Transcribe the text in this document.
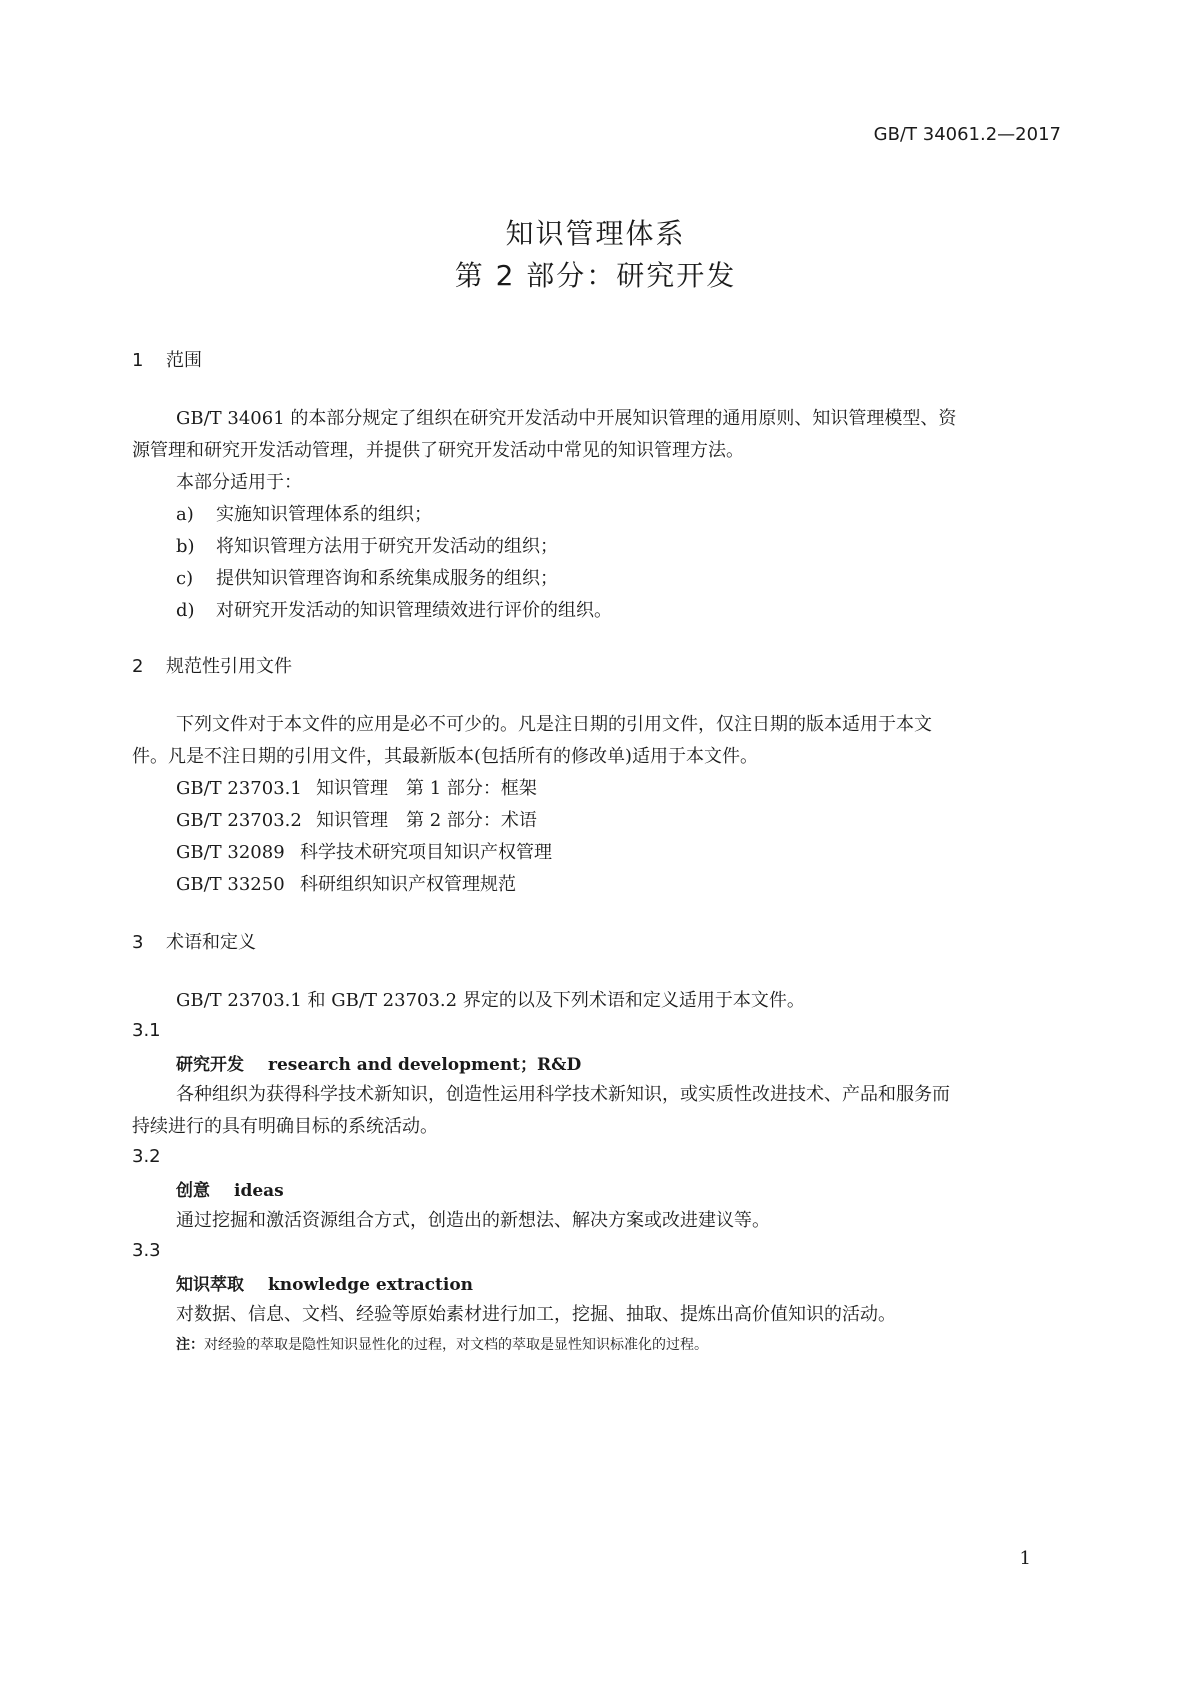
GB/T 34061.2—2017
知识管理体系
第 2 部分：研究开发
1 范围
GB/T 34061 的本部分规定了组织在研究开发活动中开展知识管理的通用原则、知识管理模型、资
源管理和研究开发活动管理，并提供了研究开发活动中常见的知识管理方法。
本部分适用于：
a) 实施知识管理体系的组织；
b) 将知识管理方法用于研究开发活动的组织；
c) 提供知识管理咨询和系统集成服务的组织；
d) 对研究开发活动的知识管理绩效进行评价的组织。
2 规范性引用文件
下列文件对于本文件的应用是必不可少的。凡是注日期的引用文件，仅注日期的版本适用于本文
件。凡是不注日期的引用文件，其最新版本(包括所有的修改单)适用于本文件。
GB/T 23703.1 知识管理　第 1 部分：框架
GB/T 23703.2 知识管理　第 2 部分：术语
GB/T 32089 科学技术研究项目知识产权管理
GB/T 33250 科研组织知识产权管理规范
3 术语和定义
GB/T 23703.1 和 GB/T 23703.2 界定的以及下列术语和定义适用于本文件。
3.1
研究开发 research and development；R&D
各种组织为获得科学技术新知识，创造性运用科学技术新知识，或实质性改进技术、产品和服务而
持续进行的具有明确目标的系统活动。
3.2
创意 ideas
通过挖掘和激活资源组合方式，创造出的新想法、解决方案或改进建议等。
3.3
知识萃取 knowledge extraction
对数据、信息、文档、经验等原始素材进行加工，挖掘、抽取、提炼出高价值知识的活动。
注：对经验的萃取是隐性知识显性化的过程，对文档的萃取是显性知识标准化的过程。
1
